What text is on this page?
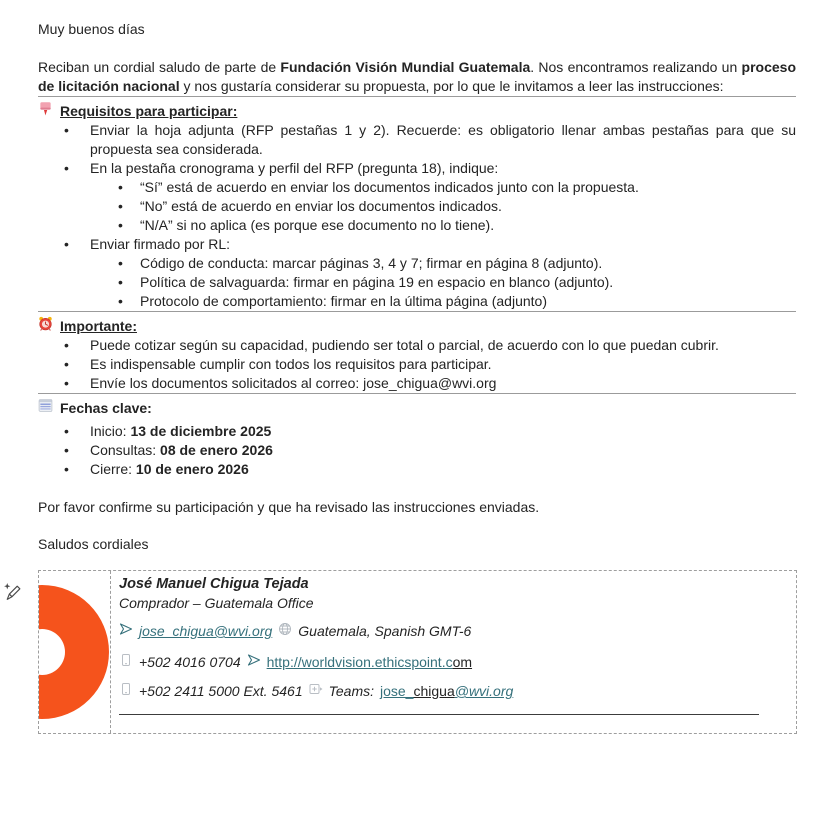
Muy buenos días

Reciban un cordial saludo de parte de Fundación Visión Mundial Guatemala. Nos encontramos realizando un proceso de licitación nacional y nos gustaría considerar su propuesta, por lo que le invitamos a leer las instrucciones:

Requisitos para participar:
• Enviar la hoja adjunta (RFP pestañas 1 y 2). Recuerde: es obligatorio llenar ambas pestañas para que su propuesta sea considerada.
• En la pestaña cronograma y perfil del RFP (pregunta 18), indique:
• “Sí” está de acuerdo en enviar los documentos indicados junto con la propuesta.
• “No” está de acuerdo en enviar los documentos indicados.
• “N/A” si no aplica (es porque ese documento no lo tiene).
• Enviar firmado por RL:
• Código de conducta: marcar páginas 3, 4 y 7; firmar en página 8 (adjunto).
• Política de salvaguarda: firmar en página 19 en espacio en blanco (adjunto).
• Protocolo de comportamiento: firmar en la última página (adjunto)
Importante:
• Puede cotizar según su capacidad, pudiendo ser total o parcial, de acuerdo con lo que puedan cubrir.
• Es indispensable cumplir con todos los requisitos para participar.
• Envíe los documentos solicitados al correo: jose_chigua@wvi.org
Fechas clave:
• Inicio: 13 de diciembre 2025
• Consultas: 08 de enero 2026
• Cierre: 10 de enero 2026

Por favor confirme su participación y que ha revisado las instrucciones enviadas.

Saludos cordiales

José Manuel Chigua Tejada
Comprador – Guatemala Office
jose_chigua@wvi.org Guatemala, Spanish GMT-6
+502 4016 0704 http://worldvision.ethicspoint.com
+502 2411 5000 Ext. 5461 Teams: jose_chigua@wvi.org
